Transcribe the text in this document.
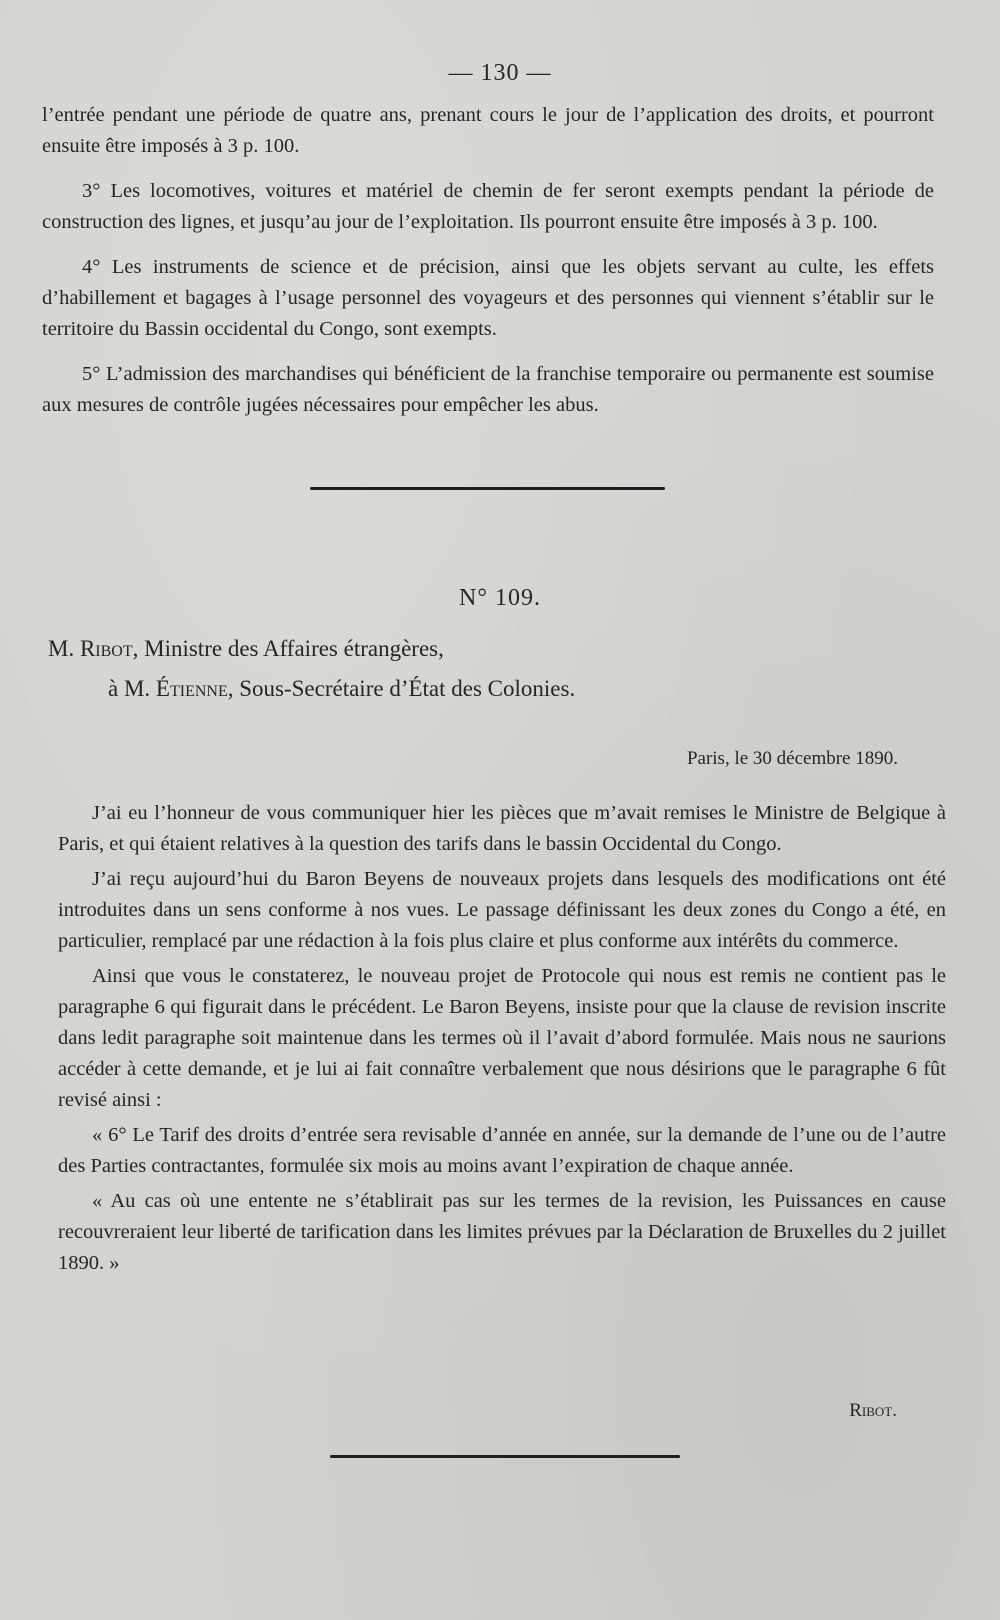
— 130 —

l’entrée pendant une période de quatre ans, prenant cours le jour de l’application des droits, et pourront ensuite être imposés à 3 p. 100.

3° Les locomotives, voitures et matériel de chemin de fer seront exempts pendant la période de construction des lignes, et jusqu’au jour de l’exploitation. Ils pourront ensuite être imposés à 3 p. 100.

4° Les instruments de science et de précision, ainsi que les objets servant au culte, les effets d’habillement et bagages à l’usage personnel des voyageurs et des personnes qui viennent s’établir sur le territoire du Bassin occidental du Congo, sont exempts.

5° L’admission des marchandises qui bénéficient de la franchise temporaire ou permanente est soumise aux mesures de contrôle jugées nécessaires pour empêcher les abus.

N° 109.
M. Ribot, Ministre des Affaires étrangères,
à M. Étienne, Sous-Secrétaire d’État des Colonies.
Paris, le 30 décembre 1890.

J’ai eu l’honneur de vous communiquer hier les pièces que m’avait remises le Ministre de Belgique à Paris, et qui étaient relatives à la question des tarifs dans le bassin Occidental du Congo.

J’ai reçu aujourd’hui du Baron Beyens de nouveaux projets dans lesquels des modifications ont été introduites dans un sens conforme à nos vues. Le passage définissant les deux zones du Congo a été, en particulier, remplacé par une rédaction à la fois plus claire et plus conforme aux intérêts du commerce.

Ainsi que vous le constaterez, le nouveau projet de Protocole qui nous est remis ne contient pas le paragraphe 6 qui figurait dans le précédent. Le Baron Beyens, insiste pour que la clause de revision inscrite dans ledit paragraphe soit maintenue dans les termes où il l’avait d’abord formulée. Mais nous ne saurions accéder à cette demande, et je lui ai fait connaître verbalement que nous désirions que le paragraphe 6 fût revisé ainsi :

« 6° Le Tarif des droits d’entrée sera revisable d’année en année, sur la demande de l’une ou de l’autre des Parties contractantes, formulée six mois au moins avant l’expiration de chaque année.

« Au cas où une entente ne s’établirait pas sur les termes de la revision, les Puissances en cause recouvreraient leur liberté de tarification dans les limites prévues par la Déclaration de Bruxelles du 2 juillet 1890. »

Ribot.
